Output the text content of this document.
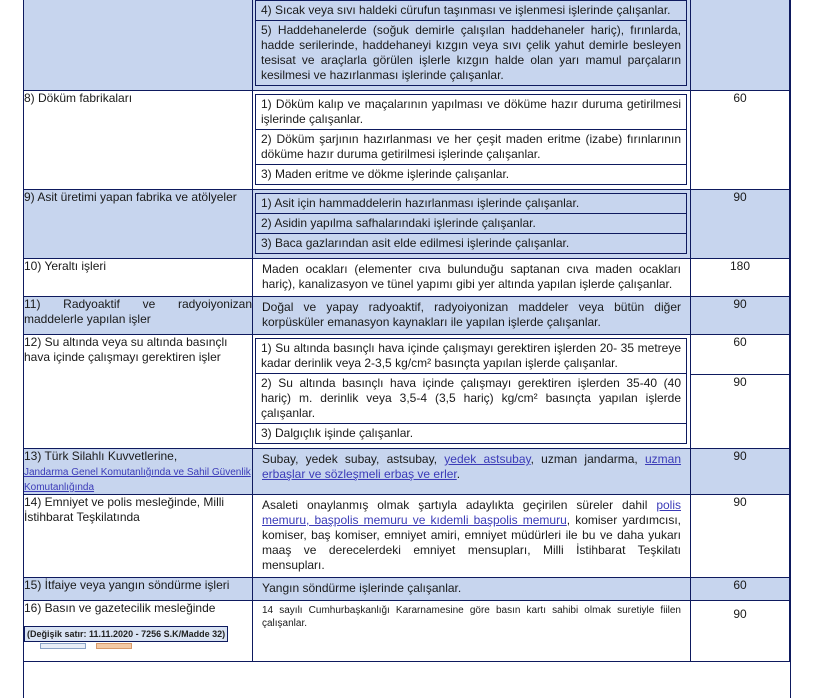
	4) Sıcak veya sıvı haldeki cürufun taşınması ve işlenmesi işlerinde çalışanlar.
5) Haddehanelerde (soğuk demirle çalışılan haddehaneler hariç), fırınlarda, hadde serilerinde, haddehaneyi kızgın veya sıvı çelik yahut demirle besleyen tesisat ve araçlarla görülen işlerle kızgın halde olan yarı mamul parçaların kesilmesi ve hazırlanması işlerinde çalışanlar.	

8) Döküm fabrikaları	1) Döküm kalıp ve maçalarının yapılması ve döküme hazır duruma getirilmesi işlerinde çalışanlar.
2) Döküm şarjının hazırlanması ve her çeşit maden eritme (izabe) fırınlarının döküme hazır duruma getirilmesi işlerinde çalışanlar.
3) Maden eritme ve dökme işlerinde çalışanlar.	60
9) Asit üretimi yapan fabrika ve atölyeler	1) Asit için hammaddelerin hazırlanması işlerinde çalışanlar.
2) Asidin yapılma safhalarındaki işlerinde çalışanlar.
3) Baca gazlarından asit elde edilmesi işlerinde çalışanlar.	90
10) Yeraltı işleri	Maden ocakları (elementer cıva bulunduğu saptanan cıva maden ocakları hariç), kanalizasyon ve tünel yapımı gibi yer altında yapılan işlerde çalışanlar.	180
11) Radyoaktif ve radyoiyonizan maddelerle yapılan işler	Doğal ve yapay radyoaktif, radyoiyonizan maddeler veya bütün diğer korpüsküler emanasyon kaynakları ile yapılan işlerde çalışanlar.	90
12) Su altında veya su altında basınçlı hava içinde çalışmayı gerektiren işler	1) Su altında basınçlı hava içinde çalışmayı gerektiren işlerden 20- 35 metreye kadar derinlik veya 2-3,5 kg/cm² basınçta yapılan işlerde çalışanlar.	60

	2) Su altında basınçlı hava içinde çalışmayı gerektiren işlerden 35-40 (40 hariç) m. derinlik veya 3,5-4 (3,5 hariç) kg/cm² basınçta yapılan işlerde çalışanlar.
3) Dalgıçlık işinde çalışanlar.	90

13) Türk Silahlı Kuvvetlerine,
Jandarma Genel Komutanlığında ve Sahil Güvenlik Komutanlığında	Subay, yedek subay, astsubay, yedek astsubay, uzman jandarma, uzman erbaşlar ve sözleşmeli erbaş ve erler.	90
14) Emniyet ve polis mesleğinde, Milli İstihbarat Teşkilatında	Asaleti onaylanmış olmak şartıyla adaylıkta geçirilen süreler dahil polis memuru, başpolis memuru ve kıdemli başpolis memuru, komiser yardımcısı, komiser, baş komiser, emniyet amiri, emniyet müdürleri ile bu ve daha yukarı maaş ve derecelerdeki emniyet mensupları, Milli İstihbarat Teşkilatı mensupları.	90
15) İtfaiye veya yangın söndürme işleri	Yangın söndürme işlerinde çalışanlar.	60

16) Basın ve gazetecilik mesleğinde
(Değişik satır: 11.11.2020 - 7256 S.K/Madde 32)	14 sayılı Cumhurbaşkanlığı Kararnamesine göre basın kartı sahibi olmak suretiyle fiilen çalışanlar.	90
